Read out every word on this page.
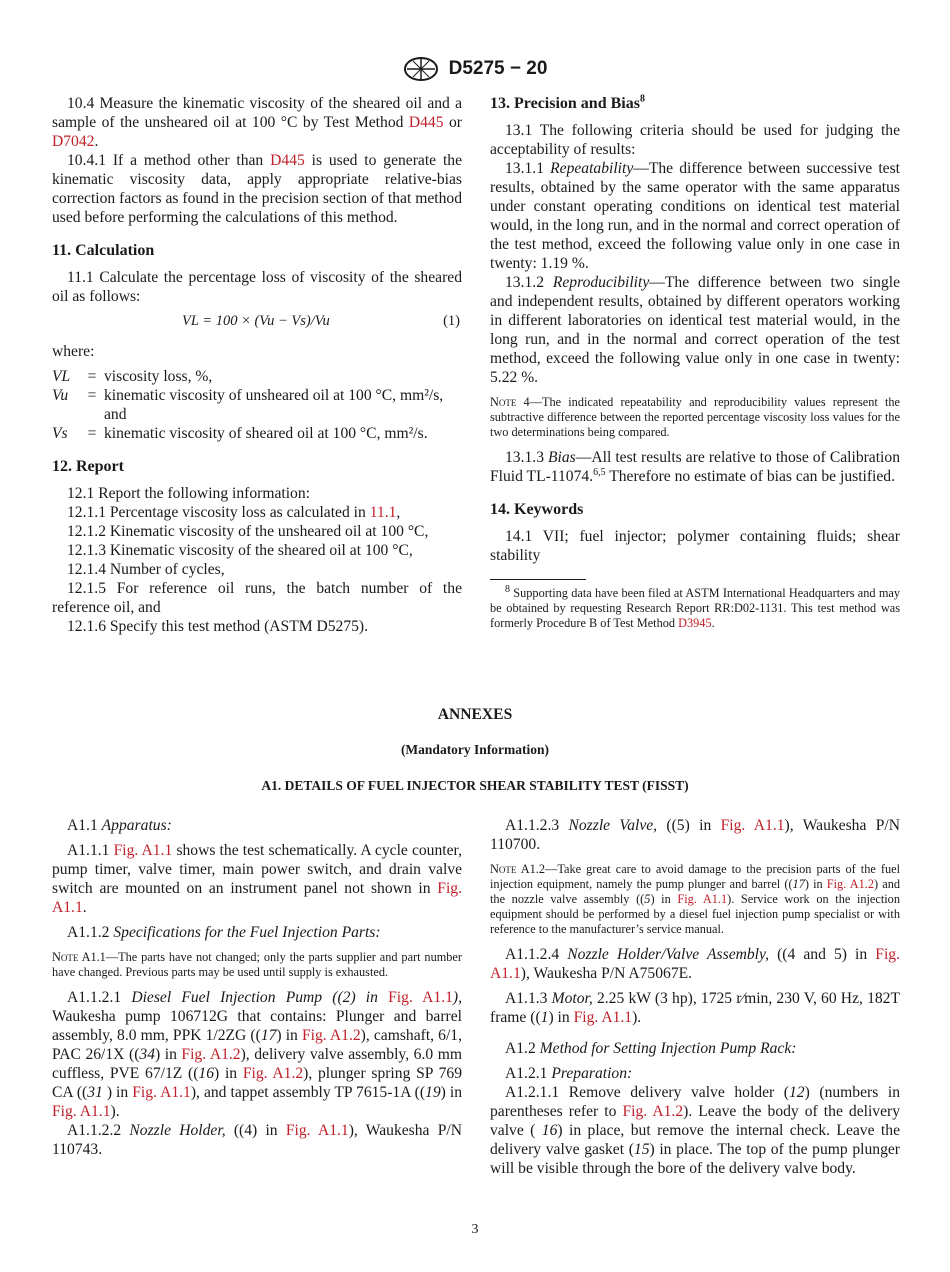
D5275 − 20

10.4 Measure the kinematic viscosity of the sheared oil and a sample of the unsheared oil at 100 °C by Test Method D445 or D7042.

10.4.1 If a method other than D445 is used to generate the kinematic viscosity data, apply appropriate relative-bias correction factors as found in the precision section of that method used before performing the calculations of this method.

11. Calculation

11.1 Calculate the percentage loss of viscosity of the sheared oil as follows:

VL = 100 × (Vu − Vs)/Vu	(1)

where:

VL	=	viscosity loss, %,
Vu	=	kinematic viscosity of unsheared oil at 100 °C, mm²/s, and
Vs	=	kinematic viscosity of sheared oil at 100 °C, mm²/s.
12. Report

12.1 Report the following information:

12.1.1 Percentage viscosity loss as calculated in 11.1,

12.1.2 Kinematic viscosity of the unsheared oil at 100 °C,

12.1.3 Kinematic viscosity of the sheared oil at 100 °C,

12.1.4 Number of cycles,

12.1.5 For reference oil runs, the batch number of the reference oil, and

12.1.6 Specify this test method (ASTM D5275).

13. Precision and Bias$^8$

13.1 The following criteria should be used for judging the acceptability of results:

13.1.1 Repeatability—The difference between successive test results, obtained by the same operator with the same apparatus under constant operating conditions on identical test material would, in the long run, and in the normal and correct operation of the test method, exceed the following value only in one case in twenty: 1.19 %.

13.1.2 Reproducibility—The difference between two single and independent results, obtained by different operators working in different laboratories on identical test material would, in the long run, and in the normal and correct operation of the test method, exceed the following value only in one case in twenty: 5.22 %.

Note 4—The indicated repeatability and reproducibility values represent the subtractive difference between the reported percentage viscosity loss values for the two determinations being compared.

13.1.3 Bias—All test results are relative to those of Calibration Fluid TL-11074.$^{6,5}$ Therefore no estimate of bias can be justified.

14. Keywords

14.1 VII; fuel injector; polymer containing fluids; shear stability

$^8$ Supporting data have been filed at ASTM International Headquarters and may be obtained by requesting Research Report RR:D02-1131. This test method was formerly Procedure B of Test Method D3945.
ANNEXES
(Mandatory Information)
A1. DETAILS OF FUEL INJECTOR SHEAR STABILITY TEST (FISST)

A1.1 Apparatus:

A1.1.1 Fig. A1.1 shows the test schematically. A cycle counter, pump timer, valve timer, main power switch, and drain valve switch are mounted on an instrument panel not shown in Fig. A1.1.

A1.1.2 Specifications for the Fuel Injection Parts:

Note A1.1—The parts have not changed; only the parts supplier and part number have changed. Previous parts may be used until supply is exhausted.

A1.1.2.1 Diesel Fuel Injection Pump ((2) in Fig. A1.1), Waukesha pump 106712G that contains: Plunger and barrel assembly, 8.0 mm, PPK 1/2ZG ((17) in Fig. A1.2), camshaft, 6/1, PAC 26/1X ((34) in Fig. A1.2), delivery valve assembly, 6.0 mm cuffless, PVE 67/1Z ((16) in Fig. A1.2), plunger spring SP 769 CA ((31 ) in Fig. A1.1), and tappet assembly TP 7615-1A ((19) in Fig. A1.1).

A1.1.2.2 Nozzle Holder, ((4) in Fig. A1.1), Waukesha P/N 110743.

A1.1.2.3 Nozzle Valve, ((5) in Fig. A1.1), Waukesha P/N 110700.

Note A1.2—Take great care to avoid damage to the precision parts of the fuel injection equipment, namely the pump plunger and barrel ((17) in Fig. A1.2) and the nozzle valve assembly ((5) in Fig. A1.1). Service work on the injection equipment should be performed by a diesel fuel injection pump specialist or with reference to the manufacturer’s service manual.

A1.1.2.4 Nozzle Holder/Valve Assembly, ((4 and 5) in Fig. A1.1), Waukesha P/N A75067E.

A1.1.3 Motor, 2.25 kW (3 hp), 1725 r⁄min, 230 V, 60 Hz, 182T frame ((1) in Fig. A1.1).

A1.2 Method for Setting Injection Pump Rack:

A1.2.1 Preparation:

A1.2.1.1 Remove delivery valve holder (12) (numbers in parentheses refer to Fig. A1.2). Leave the body of the delivery valve ( 16) in place, but remove the internal check. Leave the delivery valve gasket (15) in place. The top of the pump plunger will be visible through the bore of the delivery valve body.

3
